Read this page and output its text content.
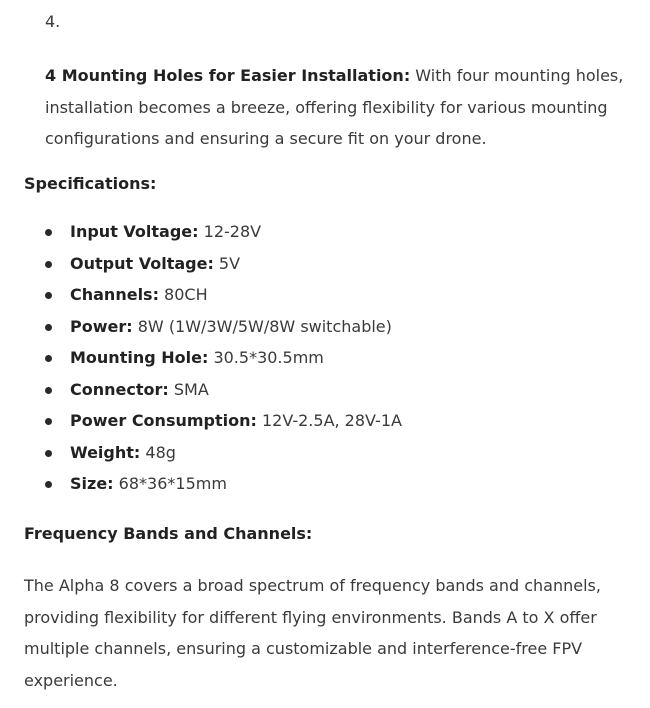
4.

4 Mounting Holes for Easier Installation: With four mounting holes, installation becomes a breeze, offering flexibility for various mounting configurations and ensuring a secure fit on your drone.

Specifications:
Input Voltage: 12-28V
Output Voltage: 5V
Channels: 80CH
Power: 8W (1W/3W/5W/8W switchable)
Mounting Hole: 30.5*30.5mm
Connector: SMA
Power Consumption: 12V-2.5A, 28V-1A
Weight: 48g
Size: 68*36*15mm
Frequency Bands and Channels:

The Alpha 8 covers a broad spectrum of frequency bands and channels, providing flexibility for different flying environments. Bands A to X offer multiple channels, ensuring a customizable and interference-free FPV experience.
